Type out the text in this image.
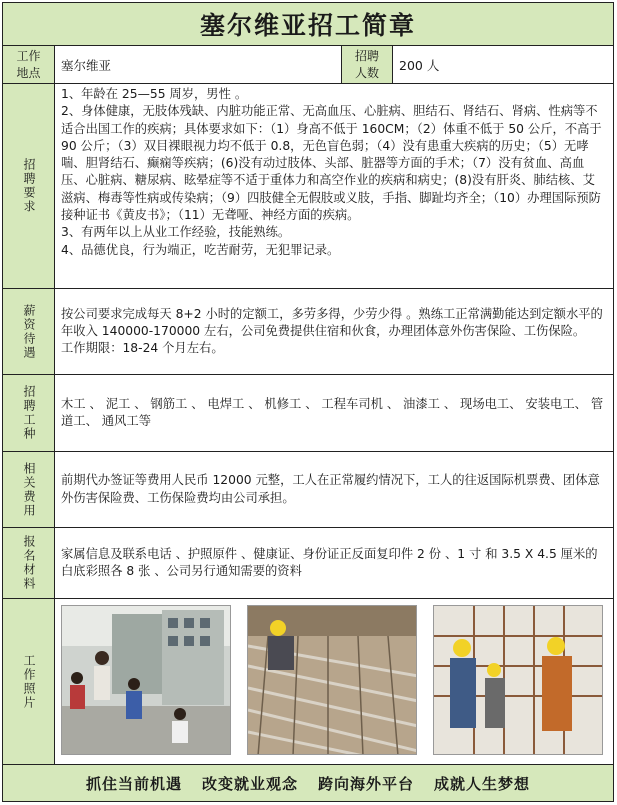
塞尔维亚招工简章
工作地点 塞尔维亚
招聘人数 200 人
招聘要求
1、年龄在 25—55 周岁，男性 。
2、身体健康，无肢体残缺、内脏功能正常、无高血压、心脏病、胆结石、肾结石、肾病、性病等不适合出国工作的疾病；具体要求如下：（1）身高不低于 160CM；（2）体重不低于 50 公斤，不高于 90 公斤；（3）双目裸眼视力均不低于 0.8，无色盲色弱；（4）没有患重大疾病的历史；（5）无哮喘、胆肾结石、癫痫等疾病；(6)没有动过肢体、头部、脏器等方面的手术；（7）没有贫血、高血压、心脏病、糖尿病、眩晕症等不适于重体力和高空作业的疾病和病史；(8)没有肝炎、肺结核、艾滋病、梅毒等性病或传染病；（9）四肢健全无假肢或义肢，手指、脚趾均齐全；（10）办理国际预防接种证书《黄皮书》；（11）无聋哑、神经方面的疾病。
3、有两年以上从业工作经验，技能熟练。
4、品德优良，行为端正，吃苦耐劳，无犯罪记录。
薪资待遇 按公司要求完成每天 8+2 小时的定额工，多劳多得，少劳少得 。熟练工正常满勤能达到定额水平的年收入 140000-170000 左右，公司免费提供住宿和伙食，办理团体意外伤害保险、工伤保险。
工作期限：18-24 个月左右。
招聘工种 木工 、 泥工 、 钢筋工 、 电焊工 、 机修工 、 工程车司机 、 油漆工 、 现场电工、 安装电工、 管道工、 通风工等
相关费用 前期代办签证等费用人民币 12000 元整，工人在正常履约情况下，工人的往返国际机票费、团体意外伤害保险费、工伤保险费均由公司承担。
报名材料 家属信息及联系电话 、护照原件 、健康证、身份证正反面复印件 2 份 、1 寸 和 3.5 X 4.5 厘米的白底彩照各 8 张 、公司另行通知需要的资料
工作照片
抓住当前机遇 改变就业观念 跨向海外平台 成就人生梦想
